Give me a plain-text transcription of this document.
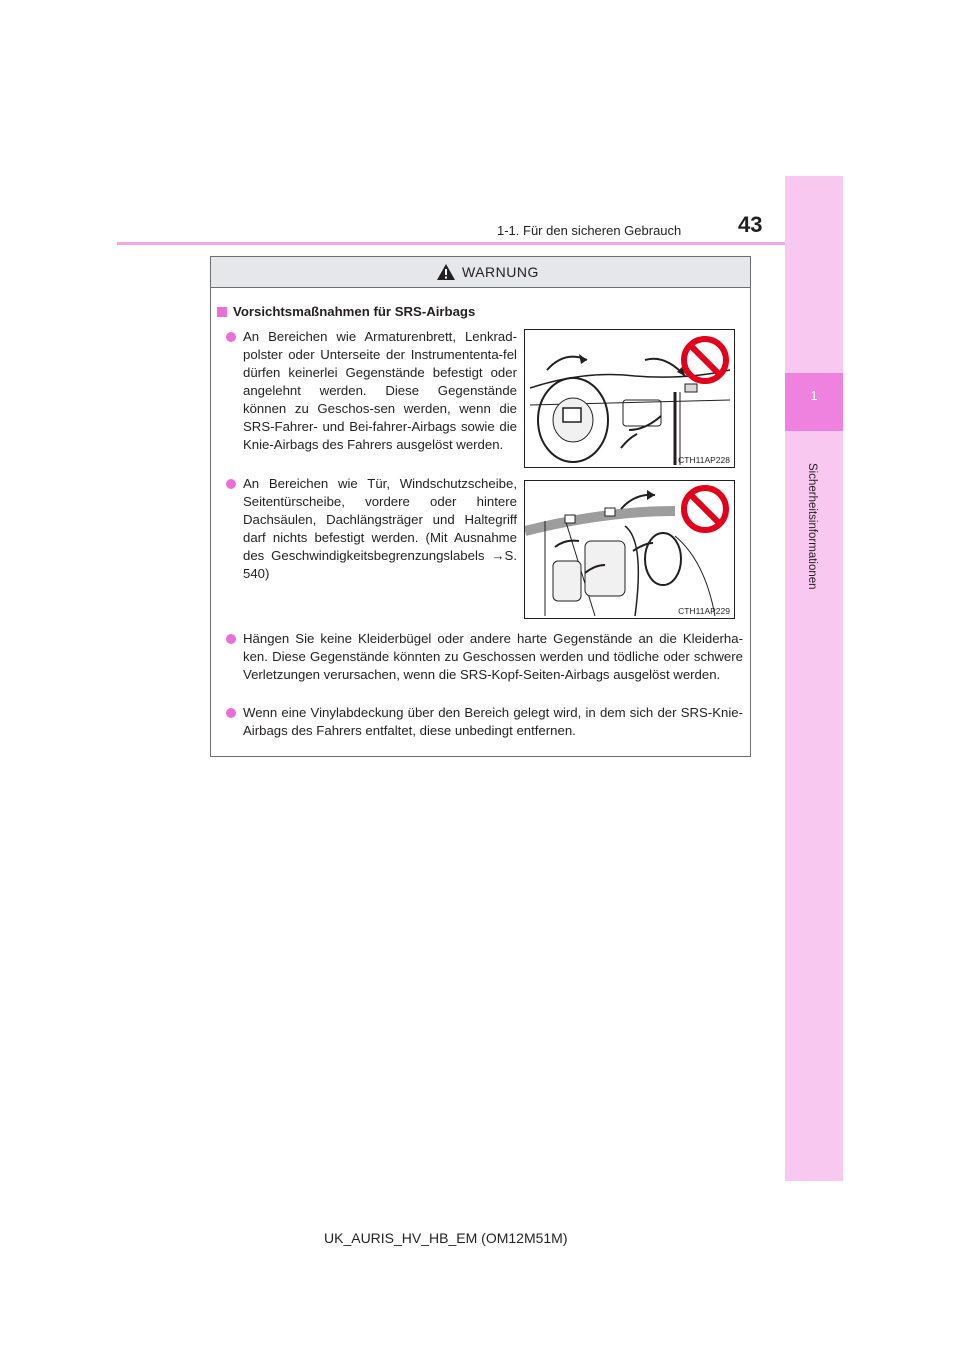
1
Sicherheitsinformationen
1-1. Für den sicheren Gebrauch	43
WARNUNG
Vorsichtsmaßnahmen für SRS-Airbags
An Bereichen wie Armaturenbrett, Lenkrad-polster oder Unterseite der Instrumententa-fel dürfen keinerlei Gegenstände befestigt oder angelehnt werden. Diese Gegenstände können zu Geschos-sen werden, wenn die SRS-Fahrer- und Bei-fahrer-Airbags sowie die Knie-Airbags des Fahrers ausgelöst werden.
CTH11AP228
An Bereichen wie Tür, Windschutzscheibe, Seitentürscheibe, vordere oder hintere Dachsäulen, Dachlängsträger und Haltegriff darf nichts befestigt werden. (Mit Ausnahme des Geschwindigkeitsbegrenzungslabels →S. 540)
CTH11AP229
Hängen Sie keine Kleiderbügel oder andere harte Gegenstände an die Kleiderha-ken. Diese Gegenstände könnten zu Geschossen werden und tödliche oder schwere Verletzungen verursachen, wenn die SRS-Kopf-Seiten-Airbags ausgelöst werden.
Wenn eine Vinylabdeckung über den Bereich gelegt wird, in dem sich der SRS-Knie-Airbags des Fahrers entfaltet, diese unbedingt entfernen.
UK_AURIS_HV_HB_EM (OM12M51M)
